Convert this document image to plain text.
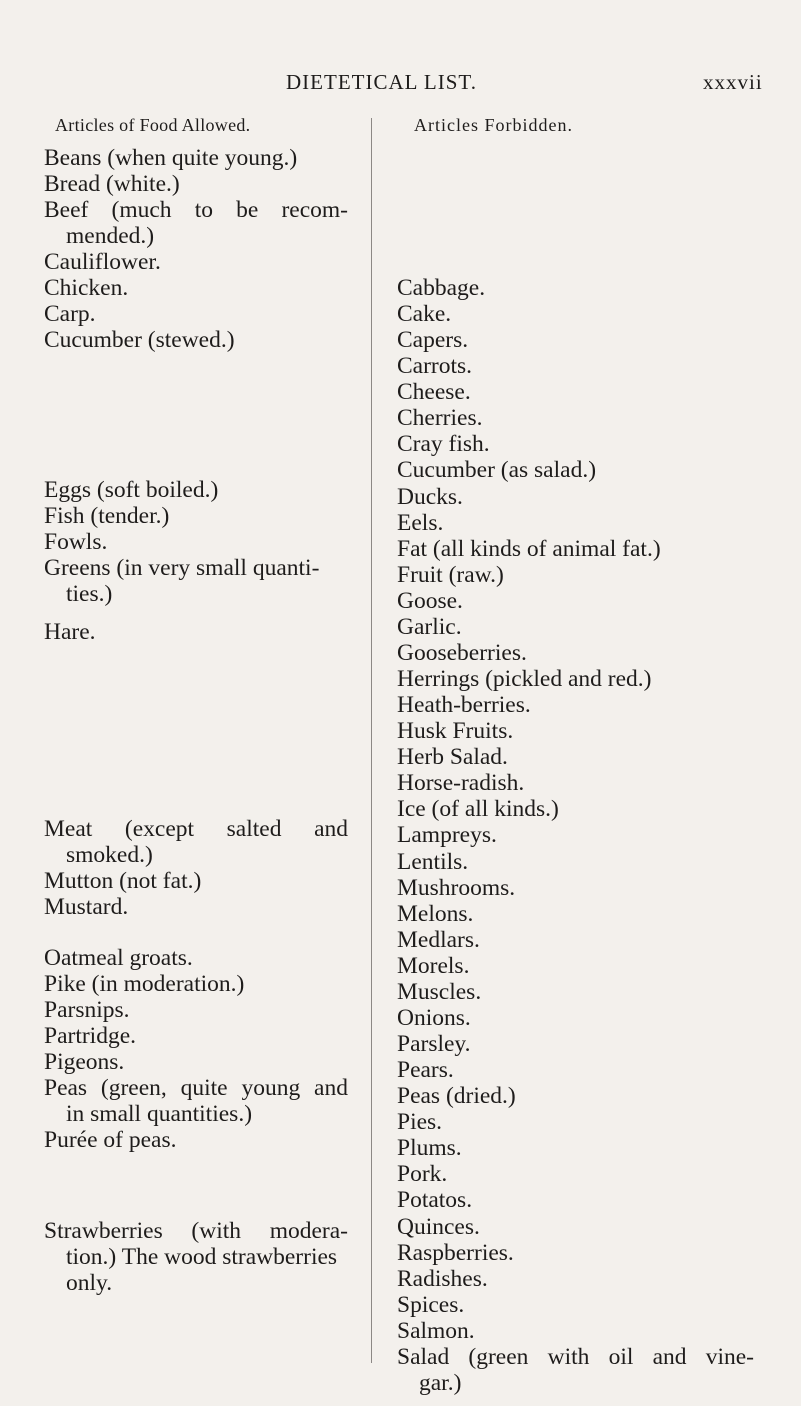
DIETETICAL LIST.	xxxvii
Articles of Food Allowed.	Articles Forbidden.
Beans (when quite young.)
Bread (white.)
Beef (much to be recom-
mended.)
Cauliflower.
Chicken.
Carp.
Cucumber (stewed.)
Eggs (soft boiled.)
Fish (tender.)
Fowls.
Greens (in very small quanti-
ties.)
Hare.
Meat (except salted and
smoked.)
Mutton (not fat.)
Mustard.
Oatmeal groats.
Pike (in moderation.)
Parsnips.
Partridge.
Pigeons.
Peas (green, quite young and
in small quantities.)
Purée of peas.
Strawberries (with modera-
tion.) The wood strawberries
only.
Cabbage.
Cake.
Capers.
Carrots.
Cheese.
Cherries.
Cray fish.
Cucumber (as salad.)
Ducks.
Eels.
Fat (all kinds of animal fat.)
Fruit (raw.)
Goose.
Garlic.
Gooseberries.
Herrings (pickled and red.)
Heath-berries.
Husk Fruits.
Herb Salad.
Horse-radish.
Ice (of all kinds.)
Lampreys.
Lentils.
Mushrooms.
Melons.
Medlars.
Morels.
Muscles.
Onions.
Parsley.
Pears.
Peas (dried.)
Pies.
Plums.
Pork.
Potatos.
Quinces.
Raspberries.
Radishes.
Spices.
Salmon.
Salad (green with oil and vine-
gar.)
